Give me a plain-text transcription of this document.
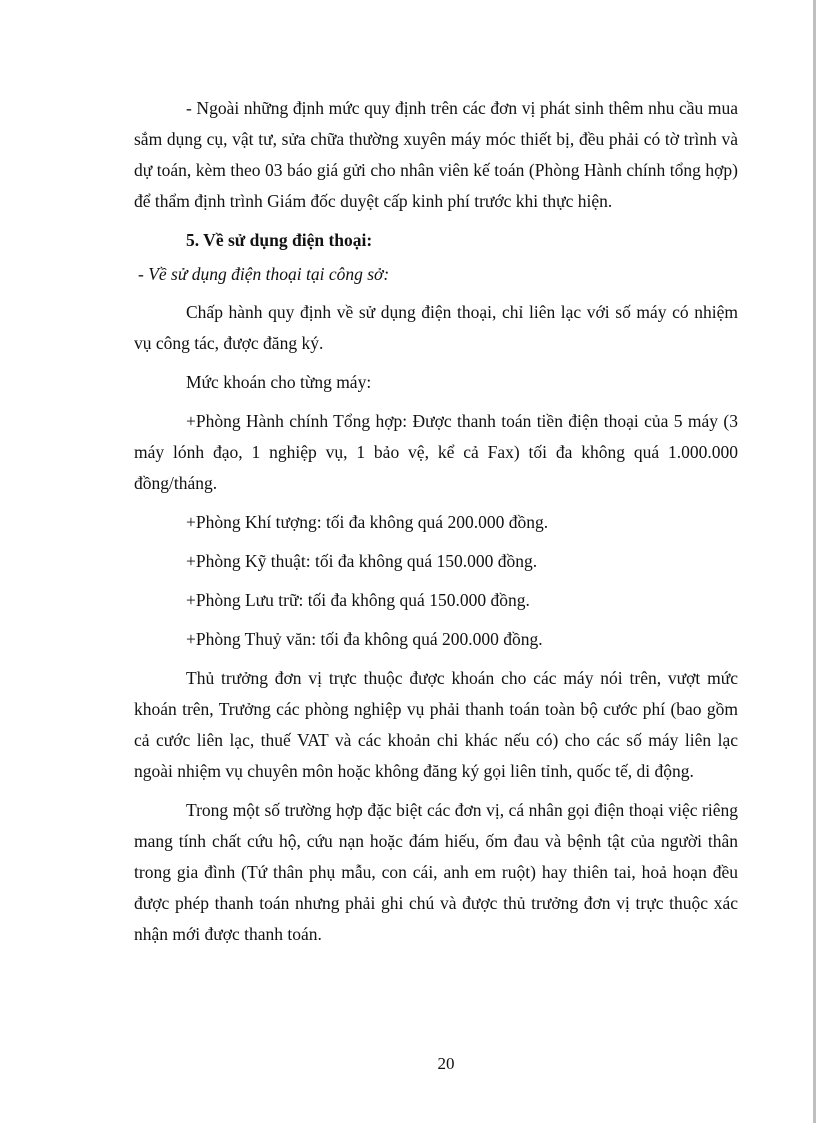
- Ngoài những định mức quy định trên các đơn vị phát sinh thêm nhu cầu mua sắm dụng cụ, vật tư, sửa chữa thường xuyên máy móc thiết bị, đều phải có tờ trình và dự toán, kèm theo 03 báo giá gửi cho nhân viên kế toán (Phòng Hành chính tổng hợp) để thẩm định trình Giám đốc duyệt cấp kinh phí trước khi thực hiện.

5. Về sử dụng điện thoại:

- Về sử dụng điện thoại tại công sở:

Chấp hành quy định về sử dụng điện thoại, chỉ liên lạc với số máy có nhiệm vụ công tác, được đăng ký.

Mức khoán cho từng máy:

+Phòng Hành chính Tổng hợp: Được thanh toán tiền điện thoại của 5 máy (3 máy lónh đạo, 1 nghiệp vụ, 1 bảo vệ, kể cả Fax) tối đa không quá 1.000.000 đồng/tháng.

+Phòng Khí tượng: tối đa không quá 200.000 đồng.

+Phòng Kỹ thuật: tối đa không quá 150.000 đồng.

+Phòng Lưu trữ: tối đa không quá 150.000 đồng.

+Phòng Thuỷ văn: tối đa không quá 200.000 đồng.

Thủ trưởng đơn vị trực thuộc được khoán cho các máy nói trên, vượt mức khoán trên, Trưởng các phòng nghiệp vụ phải thanh toán toàn bộ cước phí (bao gồm cả cước liên lạc, thuế VAT và các khoản chi khác nếu có) cho các số máy liên lạc ngoài nhiệm vụ chuyên môn hoặc không đăng ký gọi liên tỉnh, quốc tế, di động.

Trong một số trường hợp đặc biệt các đơn vị, cá nhân gọi điện thoại việc riêng mang tính chất cứu hộ, cứu nạn hoặc đám hiếu, ốm đau và bệnh tật của người thân trong gia đình (Tứ thân phụ mẫu, con cái, anh em ruột) hay thiên tai, hoả hoạn đều được phép thanh toán nhưng phải ghi chú và được thủ trưởng đơn vị trực thuộc xác nhận mới được thanh toán.

20
